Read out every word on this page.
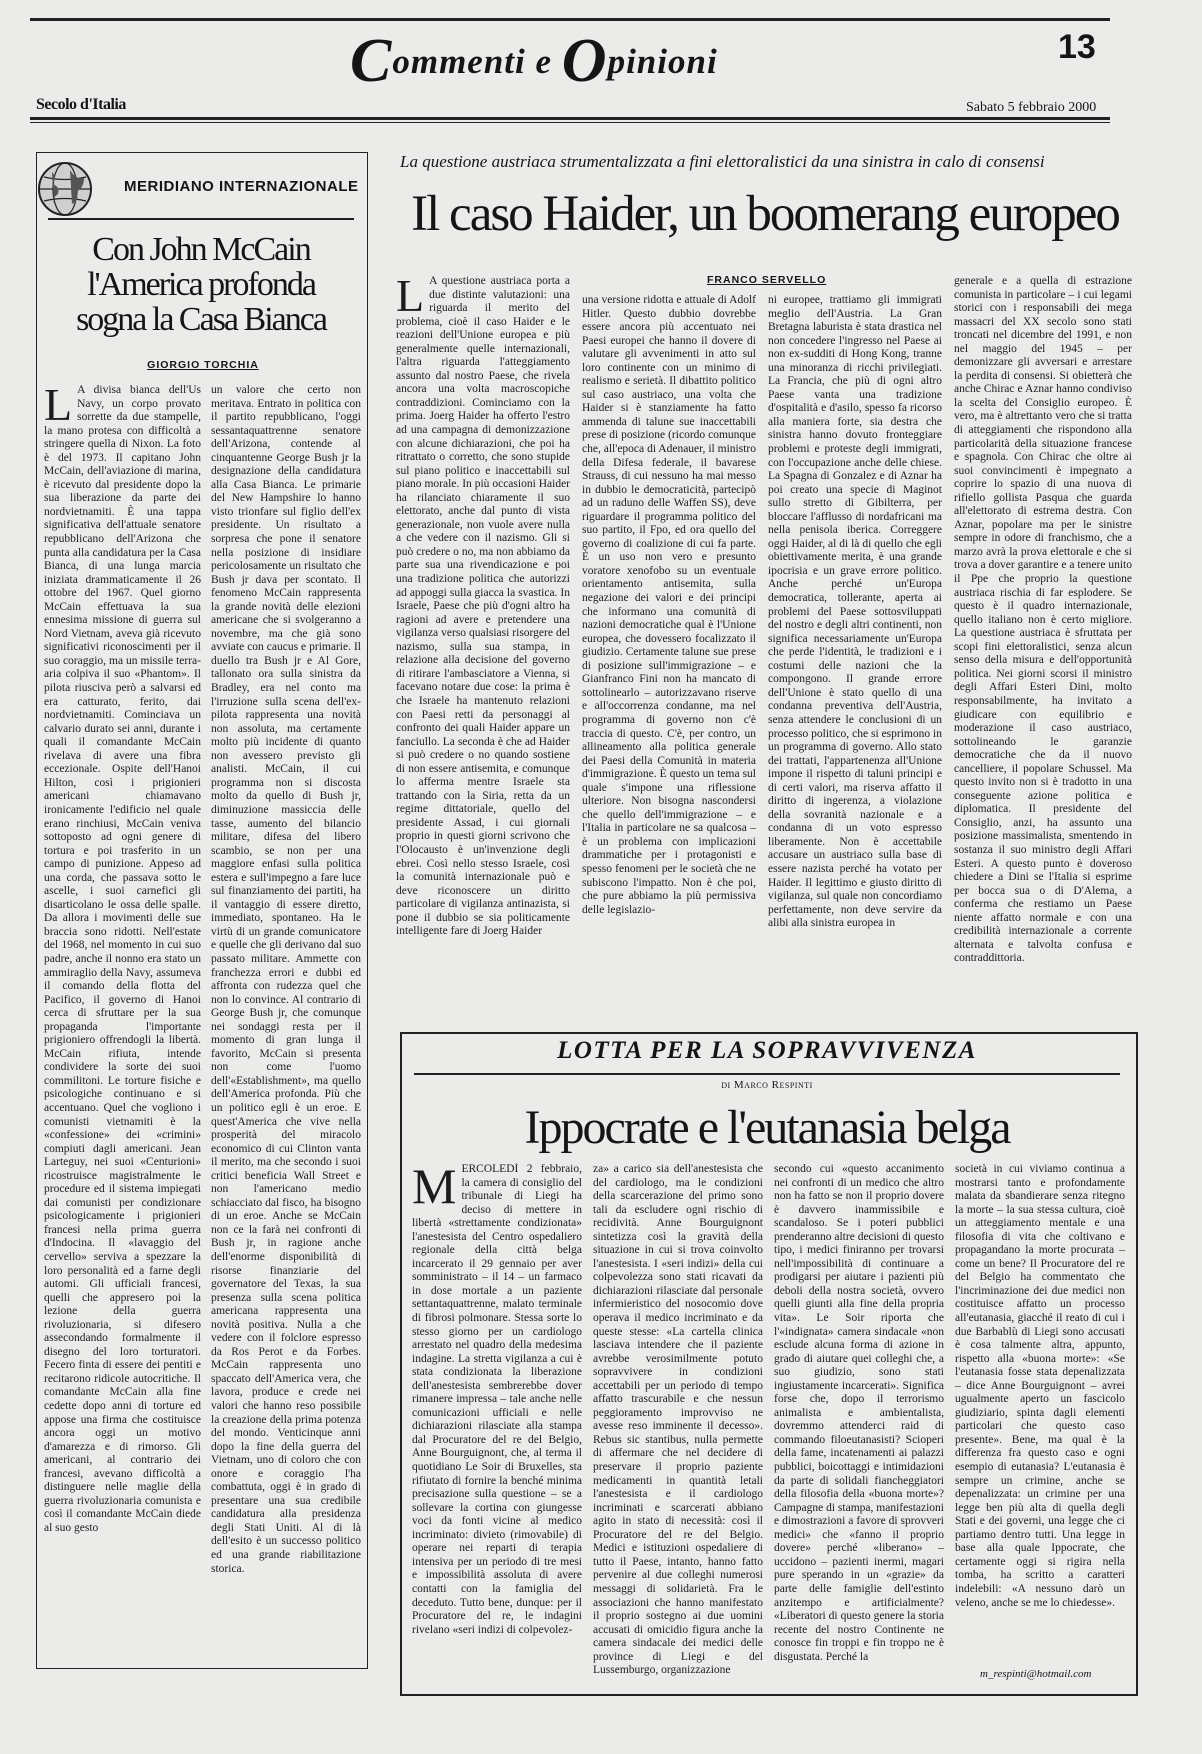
Commenti e Opinioni	13
Secolo d'Italia	Sabato 5 febbraio 2000
MERIDIANO INTERNAZIONALE
Con John McCain l'America profonda sogna la Casa Bianca
GIORGIO TORCHIA
L A divisa bianca dell'Us Navy, un corpo provato sorrette da due stampelle, la mano protesa con difficoltà a stringere quella di Nixon. La foto è del 1973. Il capitano John McCain, dell'aviazione di marina, è ricevuto dal presidente dopo la sua liberazione da parte dei nordvietnamiti. È una tappa significativa dell'attuale senatore repubblicano dell'Arizona che punta alla candidatura per la Casa Bianca, di una lunga marcia iniziata drammaticamente il 26 ottobre del 1967. Quel giorno McCain effettuava la sua ennesima missione di guerra sul Nord Vietnam, aveva già ricevuto significativi riconoscimenti per il suo coraggio, ma un missile terra-aria colpiva il suo «Phantom». Il pilota riusciva però a salvarsi ed era catturato, ferito, dai nordvietnamiti. Cominciava un calvario durato sei anni, durante i quali il comandante McCain rivelava di avere una fibra eccezionale. Ospite dell'Hanoi Hilton, così i prigionieri americani chiamavano ironicamente l'edificio nel quale erano rinchiusi, McCain veniva sottoposto ad ogni genere di tortura e poi trasferito in un campo di punizione. Appeso ad una corda, che passava sotto le ascelle, i suoi carnefici gli disarticolano le ossa delle spalle. Da allora i movimenti delle sue braccia sono ridotti. Nell'estate del 1968, nel momento in cui suo padre, anche il nonno era stato un ammiraglio della Navy, assumeva il comando della flotta del Pacifico, il governo di Hanoi cerca di sfruttare per la sua propaganda l'importante prigioniero offrendogli la libertà. McCain rifiuta, intende condividere la sorte dei suoi commilitoni. Le torture fisiche e psicologiche continuano e si accentuano. Quel che vogliono i comunisti vietnamiti è la «confessione» dei «crimini» compiuti dagli americani. Jean Larteguy, nei suoi «Centurioni» ricostruisce magistralmente le procedure ed il sistema impiegati dai comunisti per condizionare psicologicamente i prigionieri francesi nella prima guerra d'Indocina. Il «lavaggio del cervello» serviva a spezzare la loro personalità ed a farne degli automi. Gli ufficiali francesi, quelli che appresero poi la lezione della guerra rivoluzionaria, si difesero assecondando formalmente il disegno del loro torturatori. Fecero finta di essere dei pentiti e recitarono ridicole autocritiche. Il comandante McCain alla fine cedette dopo anni di torture ed appose una firma che costituisce ancora oggi un motivo d'amarezza e di rimorso. Gli americani, al contrario dei francesi, avevano difficoltà a distinguere nelle maglie della guerra rivoluzionaria comunista e così il comandante McCain diede al suo gesto
un valore che certo non meritava. Entrato in politica con il partito repubblicano, l'oggi sessantaquattrenne senatore dell'Arizona, contende al cinquantenne George Bush jr la designazione della candidatura alla Casa Bianca. Le primarie del New Hampshire lo hanno visto trionfare sul figlio dell'ex presidente. Un risultato a sorpresa che pone il senatore nella posizione di insidiare pericolosamente un risultato che Bush jr dava per scontato. Il fenomeno McCain rappresenta la grande novità delle elezioni americane che si svolgeranno a novembre, ma che già sono avviate con caucus e primarie. Il duello tra Bush jr e Al Gore, tallonato ora sulla sinistra da Bradley, era nel conto ma l'irruzione sulla scena dell'ex-pilota rappresenta una novità non assoluta, ma certamente molto più incidente di quanto non avessero previsto gli analisti. McCain, il cui programma non si discosta molto da quello di Bush jr, diminuzione massiccia delle tasse, aumento del bilancio militare, difesa del libero scambio, se non per una maggiore enfasi sulla politica estera e sull'impegno a fare luce sul finanziamento dei partiti, ha il vantaggio di essere diretto, immediato, spontaneo. Ha le virtù di un grande comunicatore e quelle che gli derivano dal suo passato militare. Ammette con franchezza errori e dubbi ed affronta con rudezza quel che non lo convince. Al contrario di George Bush jr, che comunque nei sondaggi resta per il momento di gran lunga il favorito, McCain si presenta non come l'uomo dell'«Establishment», ma quello dell'America profonda. Più che un politico egli è un eroe. E quest'America che vive nella prosperità del miracolo economico di cui Clinton vanta il merito, ma che secondo i suoi critici beneficia Wall Street e non l'americano medio schiacciato dal fisco, ha bisogno di un eroe. Anche se McCain non ce la farà nei confronti di Bush jr, in ragione anche dell'enorme disponibilità di risorse finanziarie del governatore del Texas, la sua presenza sulla scena politica americana rappresenta una novità positiva. Nulla a che vedere con il folclore espresso da Ros Perot e da Forbes. McCain rappresenta uno spaccato dell'America vera, che lavora, produce e crede nei valori che hanno reso possibile la creazione della prima potenza del mondo. Venticinque anni dopo la fine della guerra del Vietnam, uno di coloro che con onore e coraggio l'ha combattuta, oggi è in grado di presentare una sua credibile candidatura alla presidenza degli Stati Uniti. Al di là dell'esito è un successo politico ed una grande riabilitazione storica.
La questione austriaca strumentalizzata a fini elettoralistici da una sinistra in calo di consensi
Il caso Haider, un boomerang europeo
FRANCO SERVELLO
L A questione austriaca porta a due distinte valutazioni: una riguarda il merito del problema, cioè il caso Haider e le reazioni dell'Unione europea e più generalmente quelle internazionali, l'altra riguarda l'atteggiamento assunto dal nostro Paese, che rivela ancora una volta macroscopiche contraddizioni. Cominciamo con la prima. Joerg Haider ha offerto l'estro ad una campagna di demonizzazione con alcune dichiarazioni, che poi ha ritrattato o corretto, che sono stupide sul piano politico e inaccettabili sul piano morale. In più occasioni Haider ha rilanciato chiaramente il suo elettorato, anche dal punto di vista generazionale, non vuole avere nulla a che vedere con il nazismo. Gli si può credere o no, ma non abbiamo da parte sua una rivendicazione e poi una tradizione politica che autorizzi ad appoggi sulla giacca la svastica. In Israele, Paese che più d'ogni altro ha ragioni ad avere e pretendere una vigilanza verso qualsiasi risorgere del nazismo, sulla sua stampa, in relazione alla decisione del governo di ritirare l'ambasciatore a Vienna, si facevano notare due cose: la prima è che Israele ha mantenuto relazioni con Paesi retti da personaggi al confronto dei quali Haider appare un fanciullo. La seconda è che ad Haider si può credere o no quando sostiene di non essere antisemita, e comunque lo afferma mentre Israele sta trattando con la Siria, retta da un regime dittatoriale, quello del presidente Assad, i cui giornali proprio in questi giorni scrivono che l'Olocausto è un'invenzione degli ebrei. Così nello stesso Israele, così la comunità internazionale può e deve riconoscere un diritto particolare di vigilanza antinazista, si pone il dubbio se sia politicamente intelligente fare di Joerg Haider
una versione ridotta e attuale di Adolf Hitler. Questo dubbio dovrebbe essere ancora più accentuato nei Paesi europei che hanno il dovere di valutare gli avvenimenti in atto sul loro continente con un minimo di realismo e serietà. Il dibattito politico sul caso austriaco, una volta che Haider si è stanziamente ha fatto ammenda di talune sue inaccettabili prese di posizione (ricordo comunque che, all'epoca di Adenauer, il ministro della Difesa federale, il bavarese Strauss, di cui nessuno ha mai messo in dubbio le democraticità, partecipò ad un raduno delle Waffen SS), deve riguardare il programma politico del suo partito, il Fpo, ed ora quello del governo di coalizione di cui fa parte. È un uso non vero e presunto voratore xenofobo su un eventuale orientamento antisemita, sulla negazione dei valori e dei principi che informano una comunità di nazioni democratiche qual è l'Unione europea, che dovessero focalizzato il giudizio. Certamente talune sue prese di posizione sull'immigrazione – e Gianfranco Fini non ha mancato di sottolinearlo – autorizzavano riserve e all'occorrenza condanne, ma nel programma di governo non c'è traccia di questo. C'è, per contro, un allineamento alla politica generale dei Paesi della Comunità in materia d'immigrazione. È questo un tema sul quale s'impone una riflessione ulteriore. Non bisogna nascondersi che quello dell'immigrazione – e l'Italia in particolare ne sa qualcosa – è un problema con implicazioni drammatiche per i protagonisti e spesso fenomeni per le società che ne subiscono l'impatto. Non è che poi, che pure abbiamo la più permissiva delle legislazio-
ni europee, trattiamo gli immigrati meglio dell'Austria. La Gran Bretagna laburista è stata drastica nel non concedere l'ingresso nel Paese ai non ex-sudditi di Hong Kong, tranne una minoranza di ricchi privilegiati. La Francia, che più di ogni altro Paese vanta una tradizione d'ospitalità e d'asilo, spesso fa ricorso alla maniera forte, sia destra che sinistra hanno dovuto fronteggiare problemi e proteste degli immigrati, con l'occupazione anche delle chiese. La Spagna di Gonzalez e di Aznar ha poi creato una specie di Maginot sullo stretto di Gibilterra, per bloccare l'afflusso di nordafricani ma nella penisola iberica. Correggere oggi Haider, al di là di quello che egli obiettivamente merita, è una grande ipocrisia e un grave errore politico. Anche perché un'Europa democratica, tollerante, aperta ai problemi del Paese sottosviluppati del nostro e degli altri continenti, non significa necessariamente un'Europa che perde l'identità, le tradizioni e i costumi delle nazioni che la compongono. Il grande errore dell'Unione è stato quello di una condanna preventiva dell'Austria, senza attendere le conclusioni di un processo politico, che si esprimono in un programma di governo. Allo stato dei trattati, l'appartenenza all'Unione impone il rispetto di taluni principi e di certi valori, ma riserva affatto il diritto di ingerenza, a violazione della sovranità nazionale e a condanna di un voto espresso liberamente. Non è accettabile accusare un austriaco sulla base di essere nazista perché ha votato per Haider. Il legittimo e giusto diritto di vigilanza, sul quale non concordiamo perfettamente, non deve servire da alibi alla sinistra europea in
generale e a quella di estrazione comunista in particolare – i cui legami storici con i responsabili dei mega massacri del XX secolo sono stati troncati nel dicembre del 1991, e non nel maggio del 1945 – per demonizzare gli avversari e arrestare la perdita di consensi. Si obietterà che anche Chirac e Aznar hanno condiviso la scelta del Consiglio europeo. È vero, ma è altrettanto vero che si tratta di atteggiamenti che rispondono alla particolarità della situazione francese e spagnola. Con Chirac che oltre ai suoi convincimenti è impegnato a coprire lo spazio di una nuova di rifiello gollista Pasqua che guarda all'elettorato di estrema destra. Con Aznar, popolare ma per le sinistre sempre in odore di franchismo, che a marzo avrà la prova elettorale e che si trova a dover garantire e a tenere unito il Ppe che proprio la questione austriaca rischia di far esplodere. Se questo è il quadro internazionale, quello italiano non è certo migliore. La questione austriaca è sfruttata per scopi fini elettoralistici, senza alcun senso della misura e dell'opportunità politica. Nei giorni scorsi il ministro degli Affari Esteri Dini, molto responsabilmente, ha invitato a giudicare con equilibrio e moderazione il caso austriaco, sottolineando le garanzie democratiche che da il nuovo cancelliere, il popolare Schussel. Ma questo invito non si è tradotto in una conseguente azione politica e diplomatica. Il presidente del Consiglio, anzi, ha assunto una posizione massimalista, smentendo in sostanza il suo ministro degli Affari Esteri. A questo punto è doveroso chiedere a Dini se l'Italia si esprime per bocca sua o di D'Alema, a conferma che restiamo un Paese niente affatto normale e con una credibilità internazionale a corrente alternata e talvolta confusa e contraddittoria.
LOTTA PER LA SOPRAVVIVENZA
di Marco Respinti
Ippocrate e l'eutanasia belga
MERCOLEDÌ 2 febbraio, la camera di consiglio del tribunale di Liegi ha deciso di mettere in libertà «strettamente condizionata» l'anestesista del Centro ospedaliero regionale della città belga incarcerato il 29 gennaio per aver somministrato – il 14 – un farmaco in dose mortale a un paziente settantaquattrenne, malato terminale di fibrosi polmonare. Stessa sorte lo stesso giorno per un cardiologo arrestato nel quadro della medesima indagine. La stretta vigilanza a cui è stata condizionata la liberazione dell'anestesista sembrerebbe dover rimanere impressa – tale anche nelle comunicazioni ufficiali e nelle dichiarazioni rilasciate alla stampa dal Procuratore del re del Belgio, Anne Bourguignont, che, al terma il quotidiano Le Soir di Bruxelles, sta rifiutato di fornire la benché minima precisazione sulla questione – se a sollevare la cortina con giungesse voci da fonti vicine al medico incriminato: divieto (rimovabile) di operare nei reparti di terapia intensiva per un periodo di tre mesi e impossibilità assoluta di avere contatti con la famiglia del deceduto. Tutto bene, dunque: per il Procuratore del re, le indagini rivelano «seri indizi di colpevolez-
za» a carico sia dell'anestesista che del cardiologo, ma le condizioni della scarcerazione del primo sono tali da escludere ogni rischio di recidività. Anne Bourguignont sintetizza così la gravità della situazione in cui si trova coinvolto l'anestesista. I «seri indizi» della cui colpevolezza sono stati ricavati da dichiarazioni rilasciate dal personale infermieristico del nosocomio dove operava il medico incriminato e da queste stesse: «La cartella clinica lasciava intendere che il paziente avrebbe verosimilmente potuto sopravvivere in condizioni accettabili per un periodo di tempo affatto trascurabile e che nessun peggioramento improvviso ne avesse reso imminente il decesso». Rebus sic stantibus, nulla permette di affermare che nel decidere di preservare il proprio paziente medicamenti in quantità letali l'anestesista e il cardiologo incriminati e scarcerati abbiano agito in stato di necessità: così il Procuratore del re del Belgio. Medici e istituzioni ospedaliere di tutto il Paese, intanto, hanno fatto pervenire al due colleghi numerosi messaggi di solidarietà. Fra le associazioni che hanno manifestato il proprio sostegno ai due uomini accusati di omicidio figura anche la camera sindacale dei medici delle province di Liegi e del Lussemburgo, organizzazione
secondo cui «questo accanimento nei confronti di un medico che altro non ha fatto se non il proprio dovere è davvero inammissibile e scandaloso. Se i poteri pubblici prenderanno altre decisioni di questo tipo, i medici finiranno per trovarsi nell'impossibilità di continuare a prodigarsi per aiutare i pazienti più deboli della nostra società, ovvero quelli giunti alla fine della propria vita». Le Soir riporta che l'«indignata» camera sindacale «non esclude alcuna forma di azione in grado di aiutare quei colleghi che, a suo giudizio, sono stati ingiustamente incarcerati». Significa forse che, dopo il terrorismo animalista e ambientalista, dovremmo attenderci raid di commando filoeutanasisti? Scioperi della fame, incatenamenti ai palazzi pubblici, boicottaggi e intimidazioni da parte di solidali fiancheggiatori della filosofia della «buona morte»? Campagne di stampa, manifestazioni e dimostrazioni a favore di sprovveri medici» che «fanno il proprio dovere» perché «liberano» – uccidono – pazienti inermi, magari pure sperando in un «grazie» da parte delle famiglie dell'estinto anzitempo e artificialmente? «Liberatori di questo genere la storia recente del nostro Continente ne conosce fin troppi e fin troppo ne è disgustata. Perché la
società in cui viviamo continua a mostrarsi tanto e profondamente malata da sbandierare senza ritegno la morte – la sua stessa cultura, cioè un atteggiamento mentale e una filosofia di vita che coltivano e propagandano la morte procurata – come un bene? Il Procuratore del re del Belgio ha commentato che l'incriminazione dei due medici non costituisce affatto un processo all'eutanasia, giacché il reato di cui i due Barbablù di Liegi sono accusati è cosa talmente altra, appunto, rispetto alla «buona morte»: «Se l'eutanasia fosse stata depenalizzata – dice Anne Bourguignont – avrei ugualmente aperto un fascicolo giudiziario, spinta dagli elementi particolari che questo caso presente». Bene, ma qual è la differenza fra questo caso e ogni esempio di eutanasia? L'eutanasia è sempre un crimine, anche se depenalizzata: un crimine per una legge ben più alta di quella degli Stati e dei governi, una legge che ci partiamo dentro tutti. Una legge in base alla quale Ippocrate, che certamente oggi si rigira nella tomba, ha scritto a caratteri indelebili: «A nessuno darò un veleno, anche se me lo chiedesse».
m_respinti@hotmail.com
